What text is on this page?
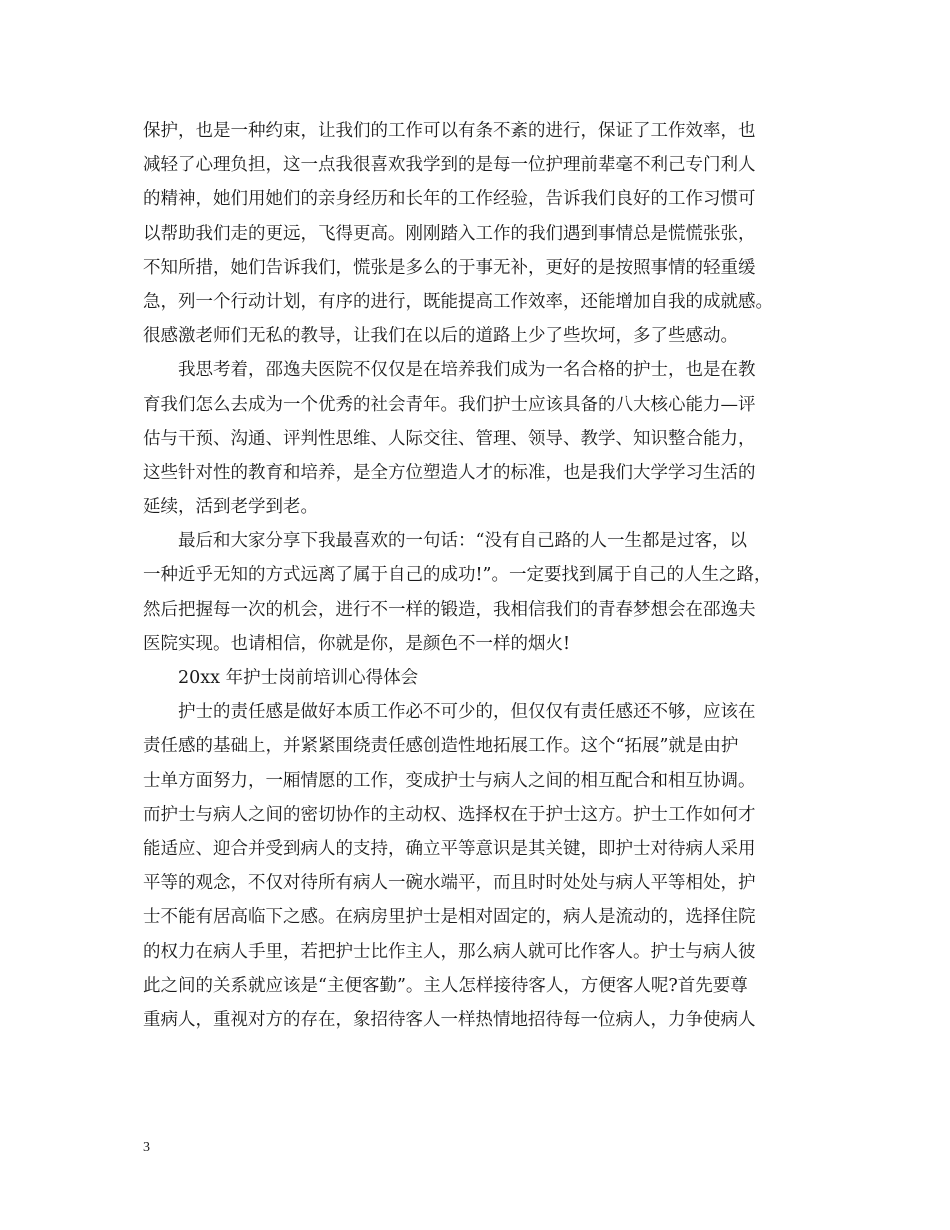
保护，也是一种约束，让我们的工作可以有条不紊的进行，保证了工作效率，也
减轻了心理负担，这一点我很喜欢我学到的是每一位护理前辈毫不利己专门利人
的精神，她们用她们的亲身经历和长年的工作经验，告诉我们良好的工作习惯可
以帮助我们走的更远，飞得更高。刚刚踏入工作的我们遇到事情总是慌慌张张，
不知所措，她们告诉我们，慌张是多么的于事无补，更好的是按照事情的轻重缓
急，列一个行动计划，有序的进行，既能提高工作效率，还能增加自我的成就感。
很感激老师们无私的教导，让我们在以后的道路上少了些坎坷，多了些感动。

我思考着，邵逸夫医院不仅仅是在培养我们成为一名合格的护士，也是在教
育我们怎么去成为一个优秀的社会青年。我们护士应该具备的八大核心能力—评
估与干预、沟通、评判性思维、人际交往、管理、领导、教学、知识整合能力，
这些针对性的教育和培养，是全方位塑造人才的标准，也是我们大学学习生活的
延续，活到老学到老。

最后和大家分享下我最喜欢的一句话：“没有自己路的人一生都是过客，以
一种近乎无知的方式远离了属于自己的成功!”。一定要找到属于自己的人生之路，
然后把握每一次的机会，进行不一样的锻造，我相信我们的青春梦想会在邵逸夫
医院实现。也请相信，你就是你，是颜色不一样的烟火!

20xx 年护士岗前培训心得体会

护士的责任感是做好本质工作必不可少的，但仅仅有责任感还不够，应该在
责任感的基础上，并紧紧围绕责任感创造性地拓展工作。这个“拓展”就是由护
士单方面努力，一厢情愿的工作，变成护士与病人之间的相互配合和相互协调。
而护士与病人之间的密切协作的主动权、选择权在于护士这方。护士工作如何才
能适应、迎合并受到病人的支持，确立平等意识是其关键，即护士对待病人采用
平等的观念，不仅对待所有病人一碗水端平，而且时时处处与病人平等相处，护
士不能有居高临下之感。在病房里护士是相对固定的，病人是流动的，选择住院
的权力在病人手里，若把护士比作主人，那么病人就可比作客人。护士与病人彼
此之间的关系就应该是“主便客勤”。主人怎样接待客人，方便客人呢?首先要尊
重病人，重视对方的存在，象招待客人一样热情地招待每一位病人，力争使病人

3
